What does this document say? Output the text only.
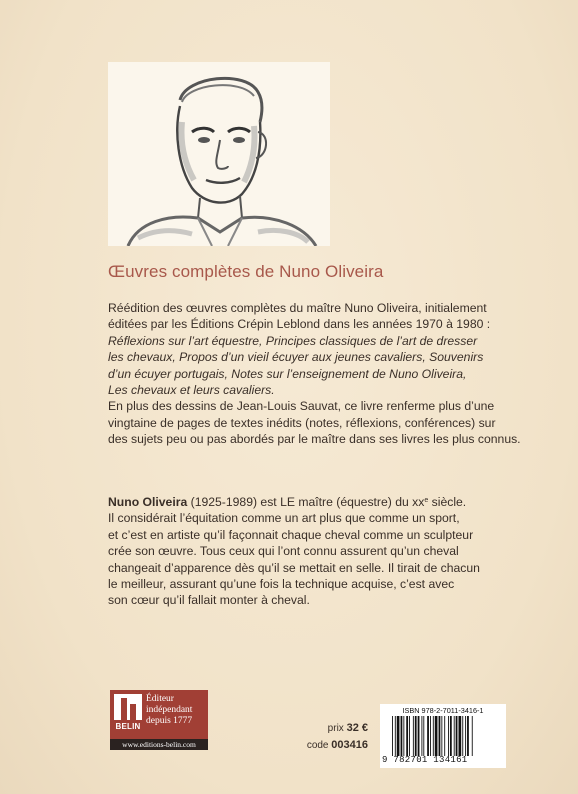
Œuvres complètes de Nuno Oliveira
Réédition des œuvres complètes du maître Nuno Oliveira, initialement
éditées par les Éditions Crépin Leblond dans les années 1970 à 1980 :
Réflexions sur l’art équestre, Principes classiques de l’art de dresser
les chevaux, Propos d’un vieil écuyer aux jeunes cavaliers, Souvenirs
d’un écuyer portugais, Notes sur l’enseignement de Nuno Oliveira,
Les chevaux et leurs cavaliers.
En plus des dessins de Jean-Louis Sauvat, ce livre renferme plus d’une
vingtaine de pages de textes inédits (notes, réflexions, conférences) sur
des sujets peu ou pas abordés par le maître dans ses livres les plus connus.
Nuno Oliveira (1925-1989) est LE maître (équestre) du $xx^e$ siècle.
Il considérait l’équitation comme un art plus que comme un sport,
et c’est en artiste qu’il façonnait chaque cheval comme un sculpteur
crée son œuvre. Tous ceux qui l’ont connu assurent qu’un cheval
changeait d’apparence dès qu’il se mettait en selle. Il tirait de chacun
le meilleur, assurant qu’une fois la technique acquise, c’est avec
son cœur qu’il fallait monter à cheval.
BELIN
Éditeur
indépendant
depuis 1777
www.editions-belin.com
prix 32 €
code 003416
ISBN 978-2-7011-3416-1
9 782701 134161
